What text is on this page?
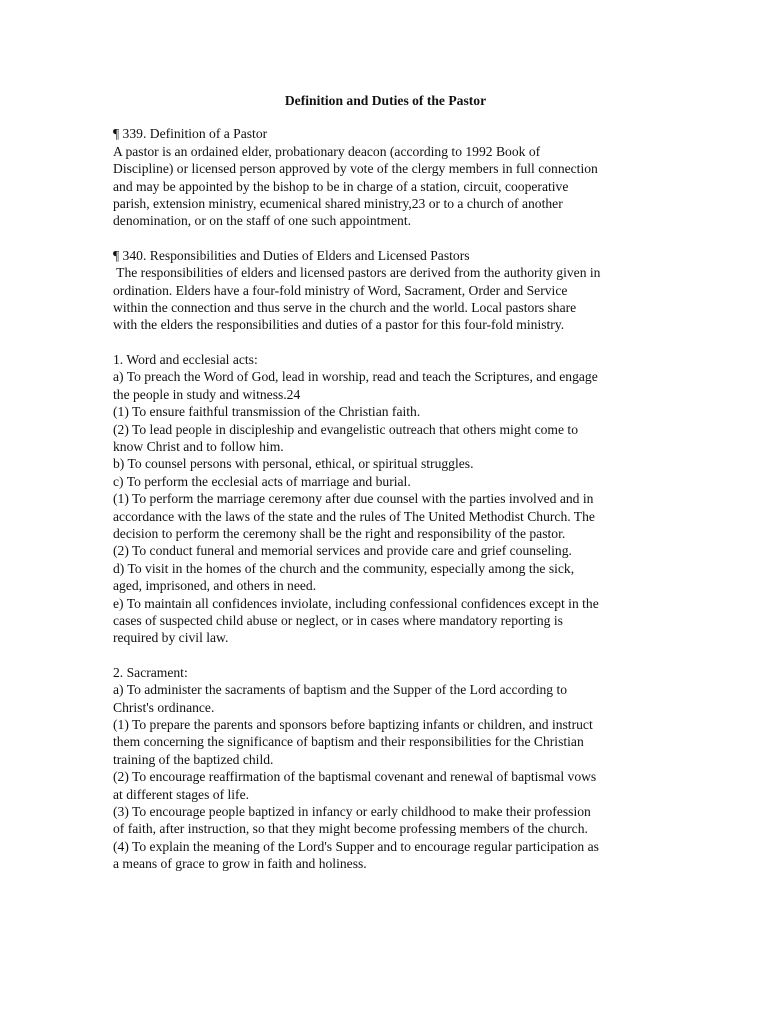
Definition and Duties of the Pastor
¶ 339. Definition of a Pastor
A pastor is an ordained elder, probationary deacon (according to 1992 Book of
Discipline) or licensed person approved by vote of the clergy members in full connection
and may be appointed by the bishop to be in charge of a station, circuit, cooperative
parish, extension ministry, ecumenical shared ministry,23 or to a church of another
denomination, or on the staff of one such appointment.
¶ 340. Responsibilities and Duties of Elders and Licensed Pastors
The responsibilities of elders and licensed pastors are derived from the authority given in
ordination. Elders have a four-fold ministry of Word, Sacrament, Order and Service
within the connection and thus serve in the church and the world. Local pastors share
with the elders the responsibilities and duties of a pastor for this four-fold ministry.
1. Word and ecclesial acts:
a) To preach the Word of God, lead in worship, read and teach the Scriptures, and engage
the people in study and witness.24
(1) To ensure faithful transmission of the Christian faith.
(2) To lead people in discipleship and evangelistic outreach that others might come to
know Christ and to follow him.
b) To counsel persons with personal, ethical, or spiritual struggles.
c) To perform the ecclesial acts of marriage and burial.
(1) To perform the marriage ceremony after due counsel with the parties involved and in
accordance with the laws of the state and the rules of The United Methodist Church. The
decision to perform the ceremony shall be the right and responsibility of the pastor.
(2) To conduct funeral and memorial services and provide care and grief counseling.
d) To visit in the homes of the church and the community, especially among the sick,
aged, imprisoned, and others in need.
e) To maintain all confidences inviolate, including confessional confidences except in the
cases of suspected child abuse or neglect, or in cases where mandatory reporting is
required by civil law.
2. Sacrament:
a) To administer the sacraments of baptism and the Supper of the Lord according to
Christ's ordinance.
(1) To prepare the parents and sponsors before baptizing infants or children, and instruct
them concerning the significance of baptism and their responsibilities for the Christian
training of the baptized child.
(2) To encourage reaffirmation of the baptismal covenant and renewal of baptismal vows
at different stages of life.
(3) To encourage people baptized in infancy or early childhood to make their profession
of faith, after instruction, so that they might become professing members of the church.
(4) To explain the meaning of the Lord's Supper and to encourage regular participation as
a means of grace to grow in faith and holiness.
